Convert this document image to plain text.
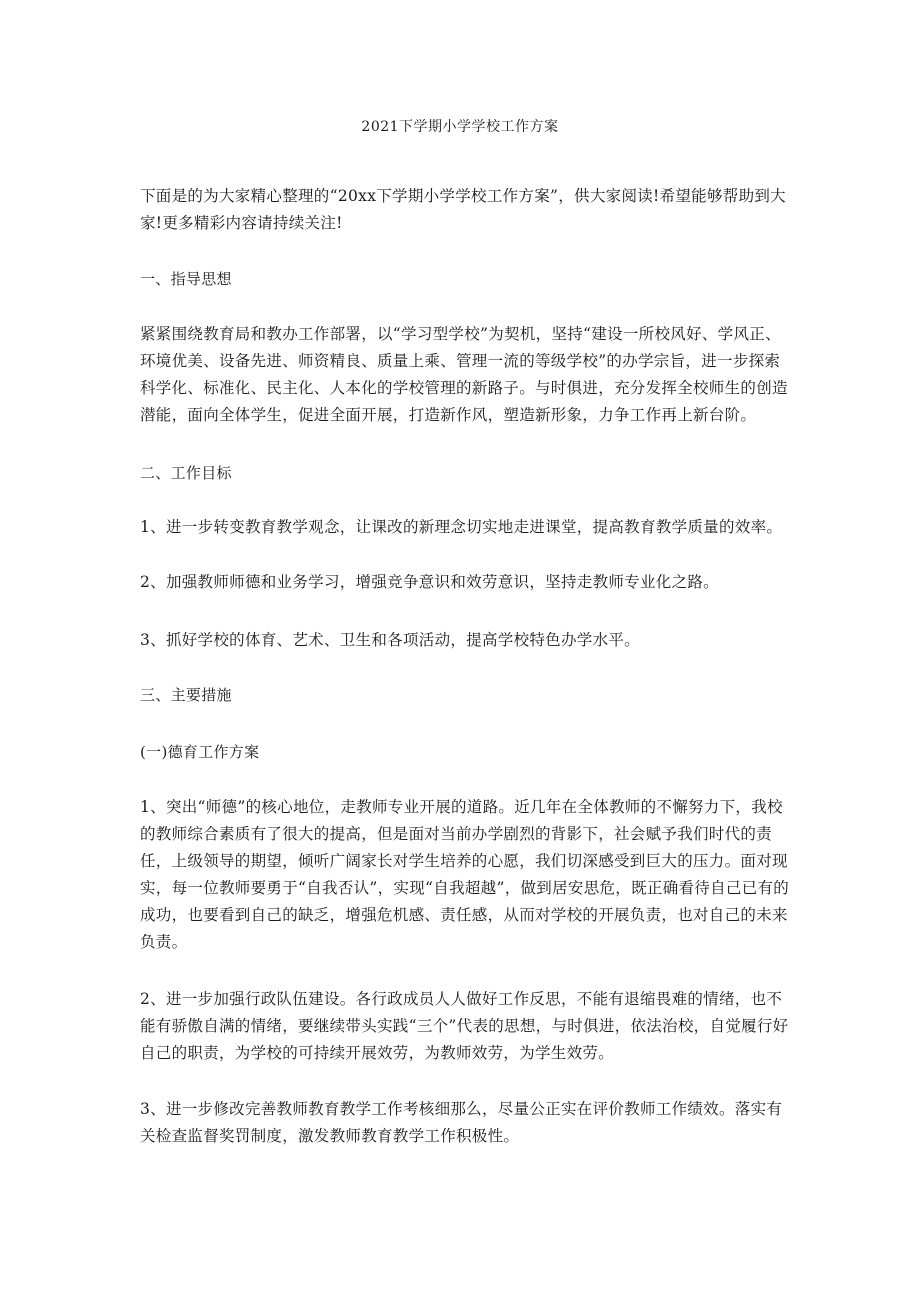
2021下学期小学学校工作方案

下面是的为大家精心整理的“20xx下学期小学学校工作方案”，供大家阅读!希望能够帮助到大家!更多精彩内容请持续关注!

一、指导思想

紧紧围绕教育局和教办工作部署，以“学习型学校”为契机，坚持“建设一所校风好、学风正、环境优美、设备先进、师资精良、质量上乘、管理一流的等级学校”的办学宗旨，进一步探索科学化、标准化、民主化、人本化的学校管理的新路子。与时俱进，充分发挥全校师生的创造潜能，面向全体学生，促进全面开展，打造新作风，塑造新形象，力争工作再上新台阶。

二、工作目标

1、进一步转变教育教学观念，让课改的新理念切实地走进课堂，提高教育教学质量的效率。

2、加强教师师德和业务学习，增强竞争意识和效劳意识，坚持走教师专业化之路。

3、抓好学校的体育、艺术、卫生和各项活动，提高学校特色办学水平。

三、主要措施

(一)德育工作方案

1、突出“师德”的核心地位，走教师专业开展的道路。近几年在全体教师的不懈努力下，我校的教师综合素质有了很大的提高，但是面对当前办学剧烈的背影下，社会赋予我们时代的责任，上级领导的期望，倾听广阔家长对学生培养的心愿，我们切深感受到巨大的压力。面对现实，每一位教师要勇于“自我否认”，实现“自我超越”，做到居安思危，既正确看待自己已有的成功，也要看到自己的缺乏，增强危机感、责任感，从而对学校的开展负责，也对自己的未来负责。

2、进一步加强行政队伍建设。各行政成员人人做好工作反思，不能有退缩畏难的情绪，也不能有骄傲自满的情绪，要继续带头实践“三个”代表的思想，与时俱进，依法治校，自觉履行好自己的职责，为学校的可持续开展效劳，为教师效劳，为学生效劳。

3、进一步修改完善教师教育教学工作考核细那么，尽量公正实在评价教师工作绩效。落实有关检查监督奖罚制度，激发教师教育教学工作积极性。
